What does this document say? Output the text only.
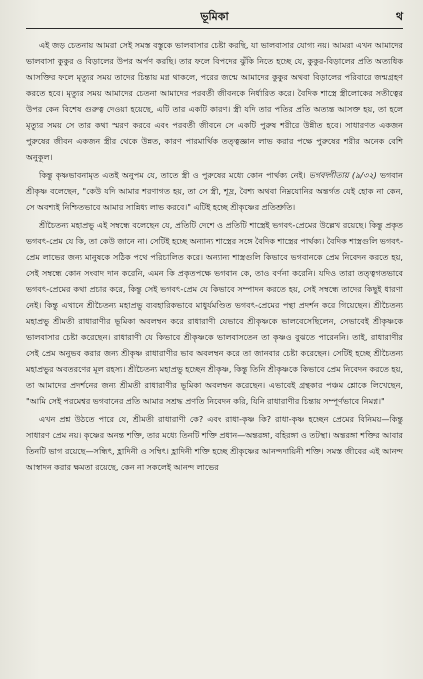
ভূমিকা	থ

এই জড় চেতনায় আমরা সেই সমস্ত বস্তুকে ভালবাসার চেষ্টা করছি, যা ভালবাসার যোগ্য নয়। আমরা এখন আমাদের ভালবাসা কুকুর ও বিড়ালের উপর অর্পণ করছি। তার ফলে বিপদের ঝুঁকি নিতে হচ্ছে যে, কুকুর-বিড়ালের প্রতি অত্যধিক আসক্তির ফলে মৃত্যুর সময় তাদের চিন্তায় মগ্ন থাকলে, পরের জন্মে আমাদের কুকুর অথবা বিড়ালের পরিবারে জন্মগ্রহণ করতে হবে। মৃত্যুর সময় আমাদের চেতনা আমাদের পরবর্তী জীবনকে নির্ধারিত করে। বৈদিক শাস্ত্রে স্ত্রীলোকের সতীত্বের উপর কেন বিশেষ গুরুত্ব দেওয়া হয়েছে, এটি তার একটি কারণ। স্ত্রী যদি তার পতির প্রতি অত্যন্ত আসক্ত হয়, তা হলে মৃত্যুর সময় সে তার কথা স্মরণ করবে এবং পরবর্তী জীবনে সে একটি পুরুষ শরীরে উন্নীত হবে। সাধারণত একজন পুরুষের জীবন একজন স্ত্রীর থেকে উন্নত, কারণ পারমার্থিক তত্ত্বজ্ঞান লাভ করার পক্ষে পুরুষের শরীর অনেক বেশি অনুকূল।

কিন্তু কৃষ্ণভাবনামৃত এতই অনুপম যে, তাতে স্ত্রী ও পুরুষের মধ্যে কোন পার্থক্য নেই। ভগবদ্গীতায় (৯/৩২) ভগবান শ্রীকৃষ্ণ বলেছেন, "কেউ যদি আমার শরণাগত হয়, তা সে স্ত্রী, শূদ্র, বৈশ্য অথবা নিম্নযোনির অন্তর্গত যেই হোক না কেন, সে অবশ্যই নিশ্চিতভাবে আমার সান্নিধ্য লাভ করবে।" এটিই হচ্ছে শ্রীকৃষ্ণের প্রতিশ্রুতি।

শ্রীচৈতন্য মহাপ্রভু এই সম্বন্ধে বলেছেন যে, প্রতিটি দেশে ও প্রতিটি শাস্ত্রেই ভগবৎ-প্রেমের উল্লেখ রয়েছে। কিন্তু প্রকৃত ভগবৎ-প্রেম যে কি, তা কেউ জানে না। সেটিই হচ্ছে অন্যান্য শাস্ত্রের সঙ্গে বৈদিক শাস্ত্রের পার্থক্য। বৈদিক শাস্ত্রগুলি ভগবৎ-প্রেম লাভের জন্য মানুষকে সঠিক পথে পরিচালিত করে। অন্যান্য শাস্ত্রগুলি কিভাবে ভগবানকে প্রেম নিবেদন করতে হয়, সেই সম্বন্ধে কোন সংবাদ দান করেনি, এমন কি প্রকৃতপক্ষে ভগবান কে, তাও বর্ণনা করেনি। যদিও তারা তত্ত্বগতভাবে ভগবৎ-প্রেমের কথা প্রচার করে, কিন্তু সেই ভগবৎ-প্রেম যে কিভাবে সম্পাদন করতে হয়, সেই সম্বন্ধে তাদের কিছুই ধারণা নেই। কিন্তু এখানে শ্রীচৈতন্য মহাপ্রভু ব্যবহারিকভাবে মাধুর্যমণ্ডিত ভগবৎ-প্রেমের পন্থা প্রদর্শন করে গিয়েছেন। শ্রীচৈতন্য মহাপ্রভু শ্রীমতী রাধারাণীর ভূমিকা অবলম্বন করে রাধারাণী যেভাবে শ্রীকৃষ্ণকে ভালবেসেছিলেন, সেভাবেই শ্রীকৃষ্ণকে ভালবাসার চেষ্টা করেছেন। রাধারাণী যে কিভাবে শ্রীকৃষ্ণকে ভালবাসতেন তা কৃষ্ণও বুঝতে পারেননি। তাই, রাধারাণীর সেই প্রেম অনুভব করার জন্য শ্রীকৃষ্ণ রাধারাণীর ভাব অবলম্বন করে তা জানবার চেষ্টা করেছেন। সেটিই হচ্ছে শ্রীচৈতন্য মহাপ্রভুর অবতরণের মূল রহস্য। শ্রীচৈতন্য মহাপ্রভু হচ্ছেন শ্রীকৃষ্ণ, কিন্তু তিনি শ্রীকৃষ্ণকে কিভাবে প্রেম নিবেদন করতে হয়, তা আমাদের প্রদর্শনের জন্য শ্রীমতী রাধারাণীর ভূমিকা অবলম্বন করেছেন। এভাবেই গ্রন্থকার পঞ্চম শ্লোকে লিখেছেন, "আমি সেই পরমেশ্বর ভগবানের প্রতি আমার সশ্রদ্ধ প্রণতি নিবেদন করি, যিনি রাধারাণীর চিন্তায় সম্পূর্ণভাবে নিমগ্ন।"

এখন প্রশ্ন উঠতে পারে যে, শ্রীমতী রাধারাণী কে? এবং রাধা-কৃষ্ণ কি? রাধা-কৃষ্ণ হচ্ছেন প্রেমের বিনিময়—কিন্তু সাধারণ প্রেম নয়। কৃষ্ণের অনন্ত শক্তি, তার মধ্যে তিনটি শক্তি প্রধান—অন্তরঙ্গা, বহিরঙ্গা ও তটস্থা। অন্তরঙ্গা শক্তির আবার তিনটি ভাগ রয়েছে—সন্ধিৎ, হ্লাদিনী ও সম্বিৎ। হ্লাদিনী শক্তি হচ্ছে শ্রীকৃষ্ণের আনন্দদায়িনী শক্তি। সমস্ত জীবের এই আনন্দ আস্বাদন করার ক্ষমতা রয়েছে, কেন না সকলেই আনন্দ লাভের
